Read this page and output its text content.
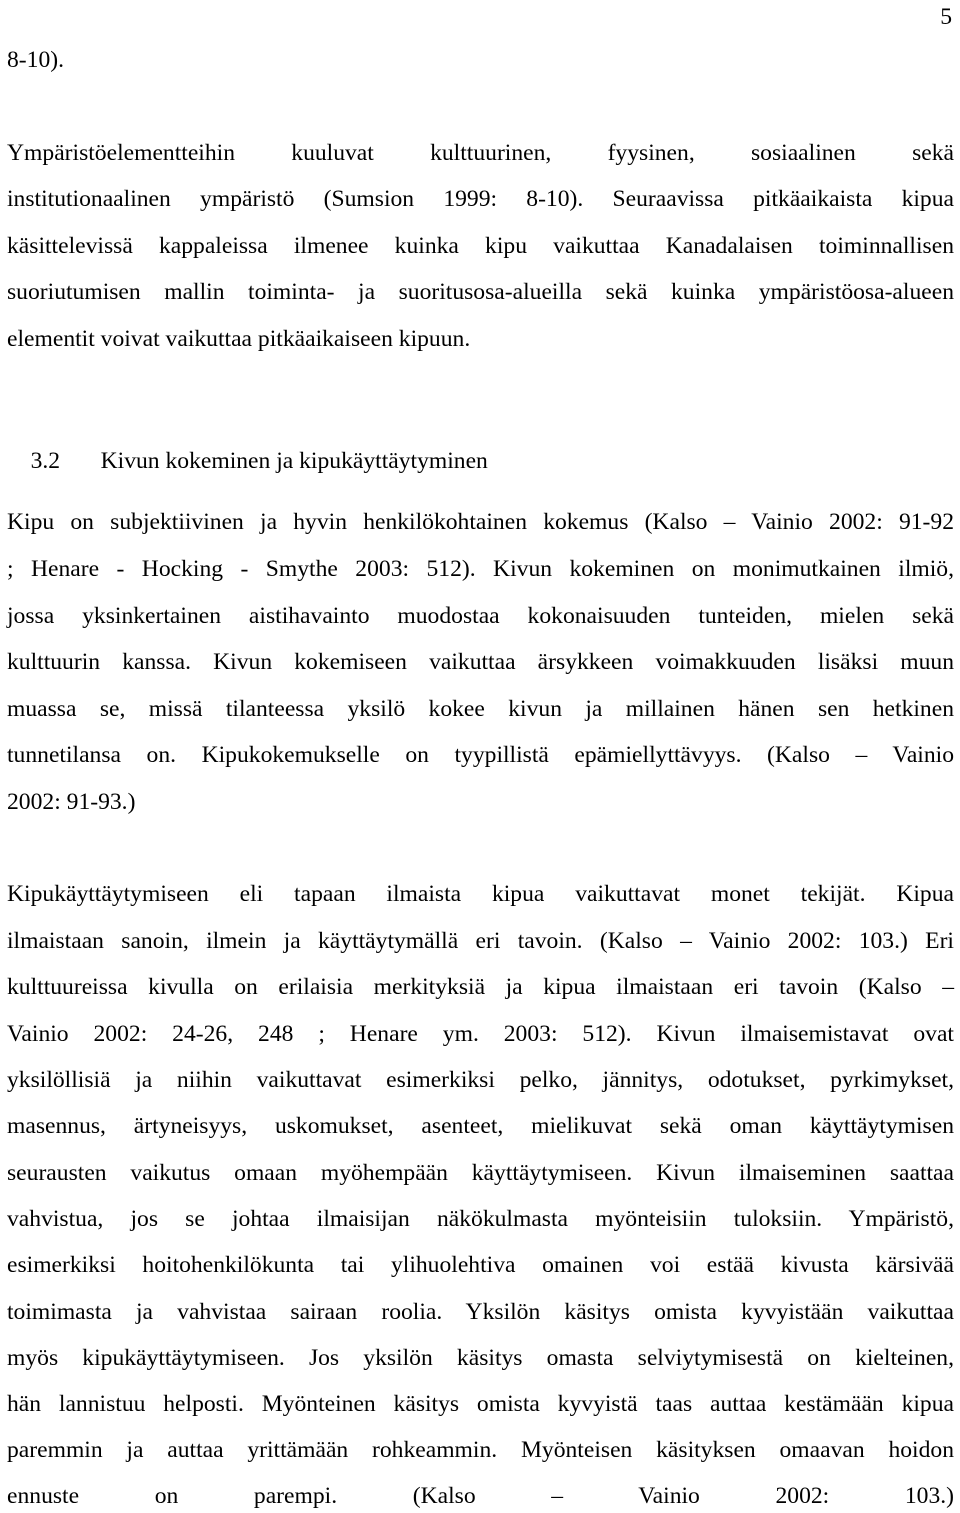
5
8-10).
Ympäristöelementteihin kuuluvat kulttuurinen, fyysinen, sosiaalinen sekä
institutionaalinen ympäristö (Sumsion 1999: 8-10). Seuraavissa pitkäaikaista kipua
käsittelevissä kappaleissa ilmenee kuinka kipu vaikuttaa Kanadalaisen toiminnallisen
suoriutumisen mallin toiminta- ja suoritusosa-alueilla sekä kuinka ympäristöosa-alueen
elementit voivat vaikuttaa pitkäaikaiseen kipuun.

3.2 Kivun kokeminen ja kipukäyttäytyminen

Kipu on subjektiivinen ja hyvin henkilökohtainen kokemus (Kalso – Vainio 2002: 91-92
; Henare - Hocking - Smythe 2003: 512). Kivun kokeminen on monimutkainen ilmiö,
jossa yksinkertainen aistihavainto muodostaa kokonaisuuden tunteiden, mielen sekä
kulttuurin kanssa. Kivun kokemiseen vaikuttaa ärsykkeen voimakkuuden lisäksi muun
muassa se, missä tilanteessa yksilö kokee kivun ja millainen hänen sen hetkinen
tunnetilansa on. Kipukokemukselle on tyypillistä epämiellyttävyys. (Kalso – Vainio
2002: 91-93.)
Kipukäyttäytymiseen eli tapaan ilmaista kipua vaikuttavat monet tekijät. Kipua
ilmaistaan sanoin, ilmein ja käyttäytymällä eri tavoin. (Kalso – Vainio 2002: 103.) Eri
kulttuureissa kivulla on erilaisia merkityksiä ja kipua ilmaistaan eri tavoin (Kalso –
Vainio 2002: 24-26, 248 ; Henare ym. 2003: 512). Kivun ilmaisemistavat ovat
yksilöllisiä ja niihin vaikuttavat esimerkiksi pelko, jännitys, odotukset, pyrkimykset,
masennus, ärtyneisyys, uskomukset, asenteet, mielikuvat sekä oman käyttäytymisen
seurausten vaikutus omaan myöhempään käyttäytymiseen. Kivun ilmaiseminen saattaa
vahvistua, jos se johtaa ilmaisijan näkökulmasta myönteisiin tuloksiin. Ympäristö,
esimerkiksi hoitohenkilökunta tai ylihuolehtiva omainen voi estää kivusta kärsivää
toimimasta ja vahvistaa sairaan roolia. Yksilön käsitys omista kyvyistään vaikuttaa
myös kipukäyttäytymiseen. Jos yksilön käsitys omasta selviytymisestä on kielteinen,
hän lannistuu helposti. Myönteinen käsitys omista kyvyistä taas auttaa kestämään kipua
paremmin ja auttaa yrittämään rohkeammin. Myönteisen käsityksen omaavan hoidon
ennuste on parempi. (Kalso – Vainio 2002: 103.)
